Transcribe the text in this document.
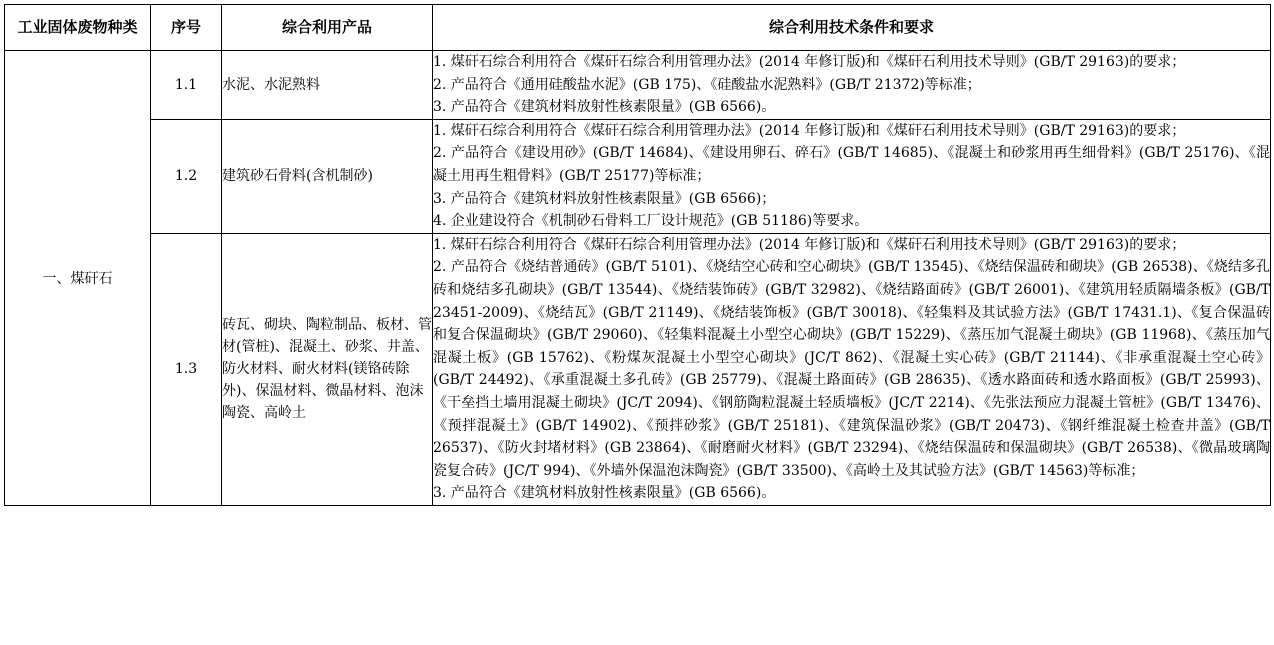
工业固体废物种类	序号	综合利用产品	综合利用技术条件和要求
一、煤矸石	1.1	水泥、水泥熟料	1. 煤矸石综合利用符合《煤矸石综合利用管理办法》(2014 年修订版)和《煤矸石利用技术导则》(GB/T 29163)的要求；
2. 产品符合《通用硅酸盐水泥》(GB 175)、《硅酸盐水泥熟料》(GB/T 21372)等标准；
3. 产品符合《建筑材料放射性核素限量》(GB 6566)。

	1.2	建筑砂石骨料(含机制砂)	1. 煤矸石综合利用符合《煤矸石综合利用管理办法》(2014 年修订版)和《煤矸石利用技术导则》(GB/T 29163)的要求；
2. 产品符合《建设用砂》(GB/T 14684)、《建设用卵石、碎石》(GB/T 14685)、《混凝土和砂浆用再生细骨料》(GB/T 25176)、《混凝土用再生粗骨料》(GB/T 25177)等标准；
3. 产品符合《建筑材料放射性核素限量》(GB 6566)；
4. 企业建设符合《机制砂石骨料工厂设计规范》(GB 51186)等要求。

	1.3	砖瓦、砌块、陶粒制品、板材、管材(管桩)、混凝土、砂浆、井盖、防火材料、耐火材料(镁铬砖除外)、保温材料、微晶材料、泡沫陶瓷、高岭土	1. 煤矸石综合利用符合《煤矸石综合利用管理办法》(2014 年修订版)和《煤矸石利用技术导则》(GB/T 29163)的要求；
2. 产品符合《烧结普通砖》(GB/T 5101)、《烧结空心砖和空心砌块》(GB/T 13545)、《烧结保温砖和砌块》(GB 26538)、《烧结多孔砖和烧结多孔砌块》(GB/T 13544)、《烧结装饰砖》(GB/T 32982)、《烧结路面砖》(GB/T 26001)、《建筑用轻质隔墙条板》(GB/T 23451-2009)、《烧结瓦》(GB/T 21149)、《烧结装饰板》(GB/T 30018)、《轻集料及其试验方法》(GB/T 17431.1)、《复合保温砖和复合保温砌块》(GB/T 29060)、《轻集料混凝土小型空心砌块》(GB/T 15229)、《蒸压加气混凝土砌块》(GB 11968)、《蒸压加气混凝土板》(GB 15762)、《粉煤灰混凝土小型空心砌块》(JC/T 862)、《混凝土实心砖》(GB/T 21144)、《非承重混凝土空心砖》(GB/T 24492)、《承重混凝土多孔砖》(GB 25779)、《混凝土路面砖》(GB 28635)、《透水路面砖和透水路面板》(GB/T 25993)、《干垒挡土墙用混凝土砌块》(JC/T 2094)、《钢筋陶粒混凝土轻质墙板》(JC/T 2214)、《先张法预应力混凝土管桩》(GB/T 13476)、《预拌混凝土》(GB/T 14902)、《预拌砂浆》(GB/T 25181)、《建筑保温砂浆》(GB/T 20473)、《钢纤维混凝土检查井盖》(GB/T 26537)、《防火封堵材料》(GB 23864)、《耐磨耐火材料》(GB/T 23294)、《烧结保温砖和保温砌块》(GB/T 26538)、《微晶玻璃陶瓷复合砖》(JC/T 994)、《外墙外保温泡沫陶瓷》(GB/T 33500)、《高岭土及其试验方法》(GB/T 14563)等标准；
3. 产品符合《建筑材料放射性核素限量》(GB 6566)。
